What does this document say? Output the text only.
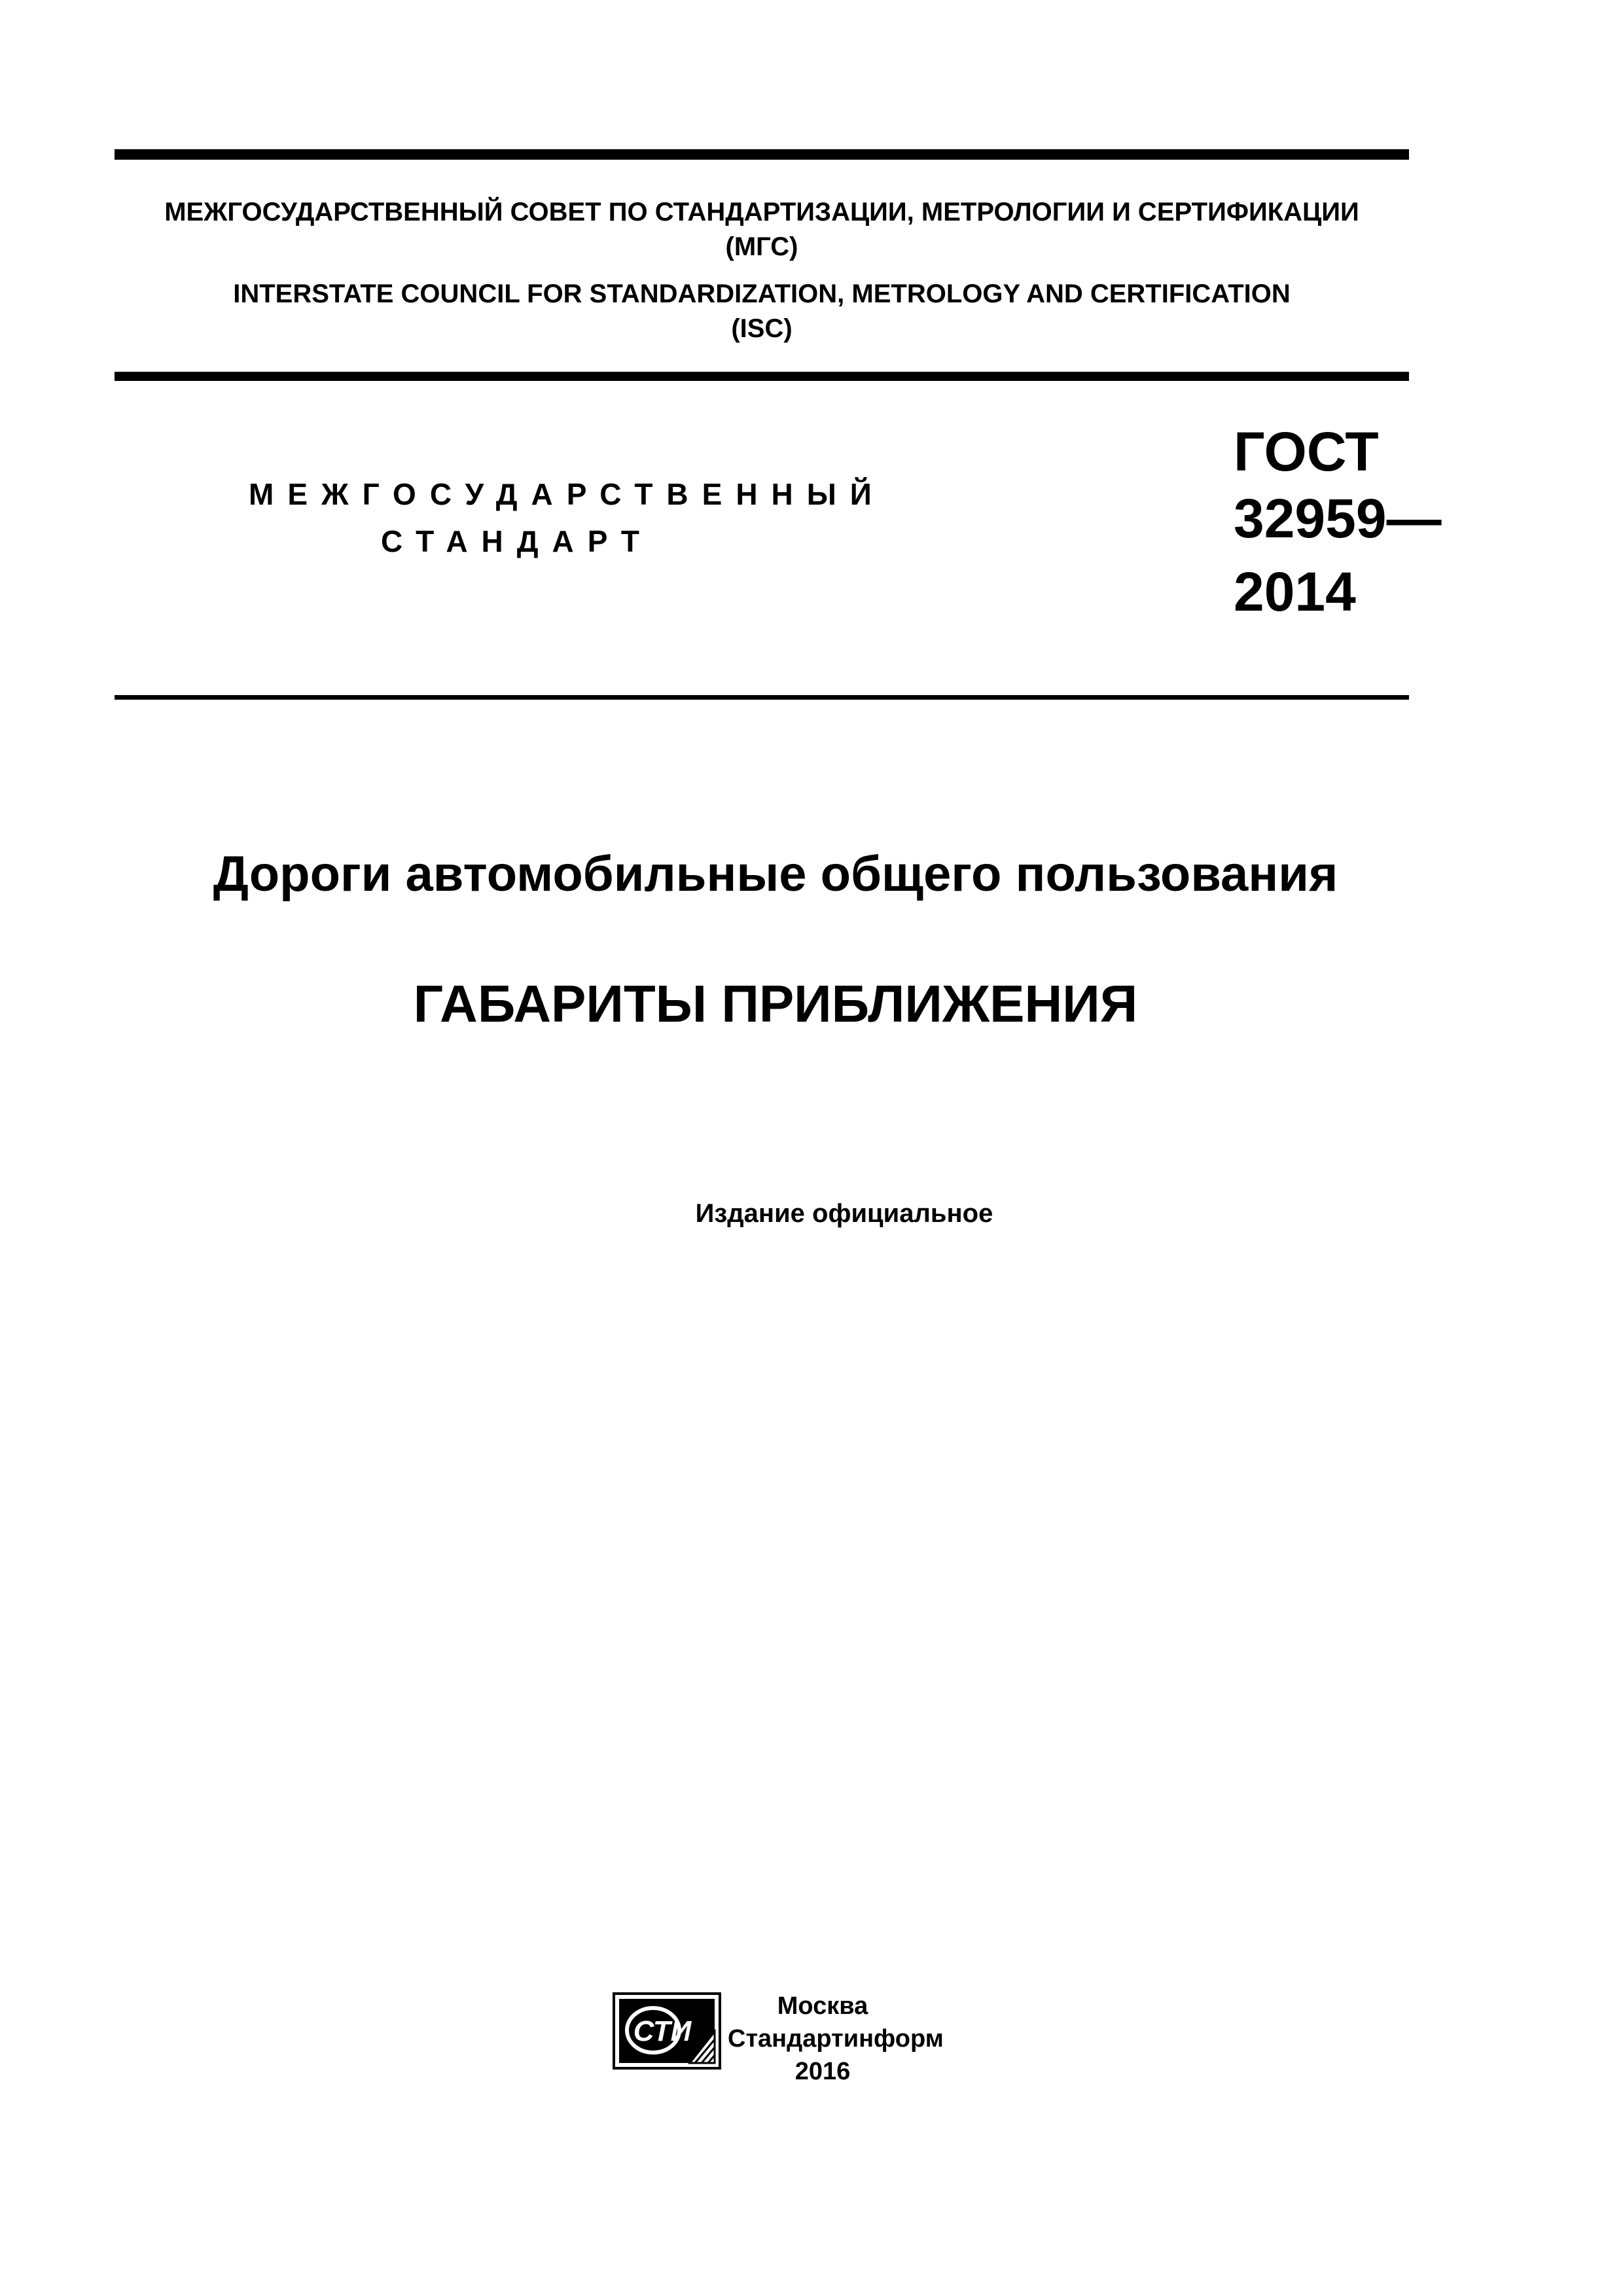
МЕЖГОСУДАРСТВЕННЫЙ СОВЕТ ПО СТАНДАРТИЗАЦИИ, МЕТРОЛОГИИ И СЕРТИФИКАЦИИ
(МГС)
INTERSTATE COUNCIL FOR STANDARDIZATION, METROLOGY AND CERTIFICATION
(ISC)
МЕЖГОСУДАРСТВЕННЫЙ
СТАНДАРТ
ГОСТ
32959—
2014
Дороги автомобильные общего пользования
ГАБАРИТЫ ПРИБЛИЖЕНИЯ
Издание официальное
СТИ
Москва
Стандартинформ
2016
